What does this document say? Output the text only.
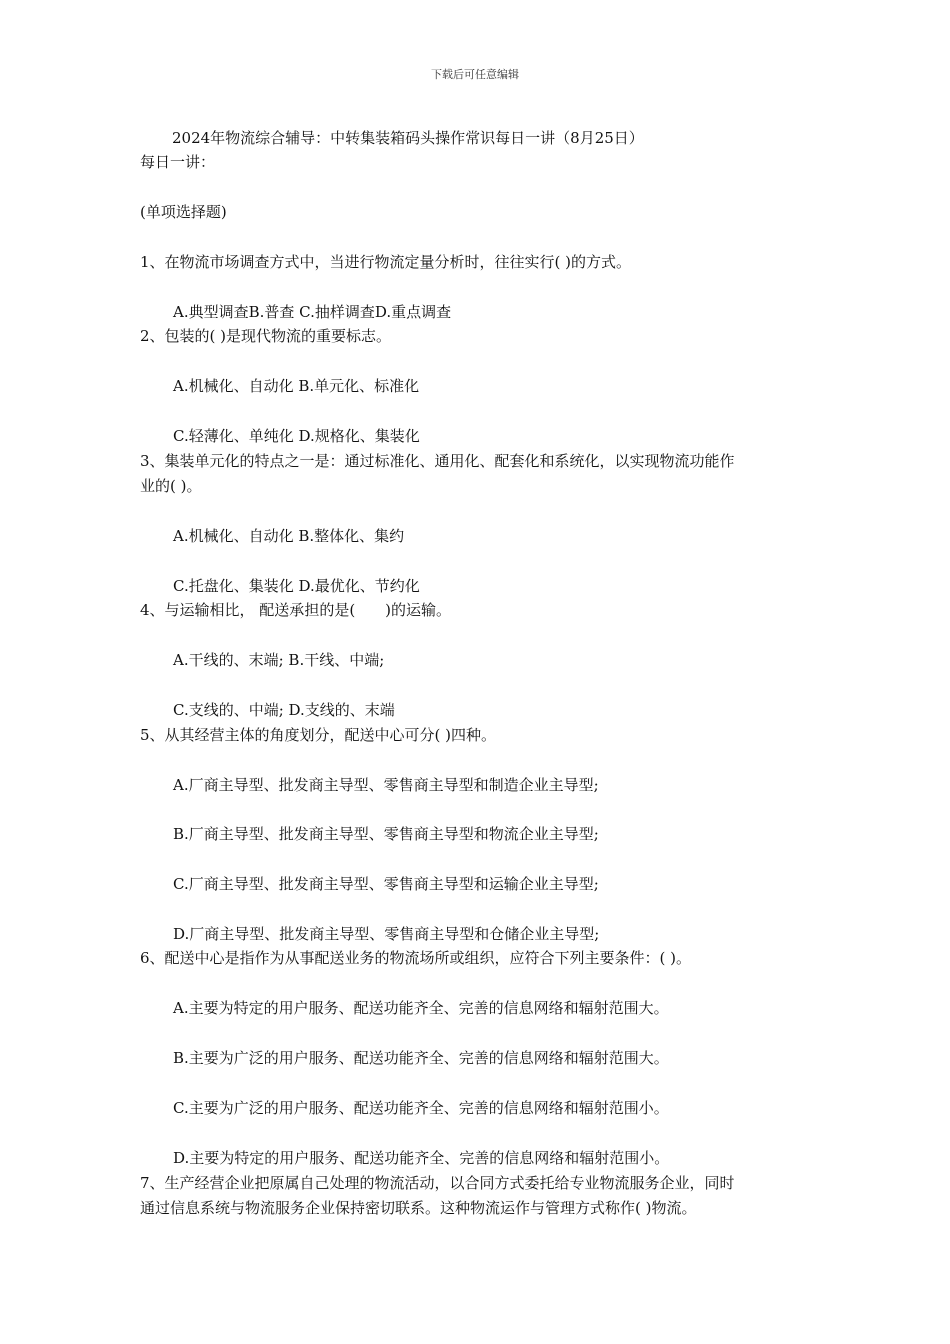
下载后可任意编辑
2024年物流综合辅导：中转集装箱码头操作常识每日一讲（8月25日）
每日一讲：
(单项选择题)
1、在物流市场调查方式中，当进行物流定量分析时，往往实行( )的方式。
A.典型调查B.普查 C.抽样调查D.重点调查
2、包装的( )是现代物流的重要标志。
A.机械化、自动化 B.单元化、标准化
C.轻薄化、单纯化 D.规格化、集装化
3、集装单元化的特点之一是：通过标准化、通用化、配套化和系统化，以实现物流功能作
业的( )。
A.机械化、自动化 B.整体化、集约
C.托盘化、集装化 D.最优化、节约化
4、与运输相比， 配送承担的是(　　)的运输。
A.干线的、末端; B.干线、中端;
C.支线的、中端; D.支线的、末端
5、从其经营主体的角度划分，配送中心可分( )四种。
A.厂商主导型、批发商主导型、零售商主导型和制造企业主导型;
B.厂商主导型、批发商主导型、零售商主导型和物流企业主导型;
C.厂商主导型、批发商主导型、零售商主导型和运输企业主导型;
D.厂商主导型、批发商主导型、零售商主导型和仓储企业主导型;
6、配送中心是指作为从事配送业务的物流场所或组织，应符合下列主要条件：( )。
A.主要为特定的用户服务、配送功能齐全、完善的信息网络和辐射范围大。
B.主要为广泛的用户服务、配送功能齐全、完善的信息网络和辐射范围大。
C.主要为广泛的用户服务、配送功能齐全、完善的信息网络和辐射范围小。
D.主要为特定的用户服务、配送功能齐全、完善的信息网络和辐射范围小。
7、生产经营企业把原属自己处理的物流活动，以合同方式委托给专业物流服务企业，同时
通过信息系统与物流服务企业保持密切联系。这种物流运作与管理方式称作( )物流。
